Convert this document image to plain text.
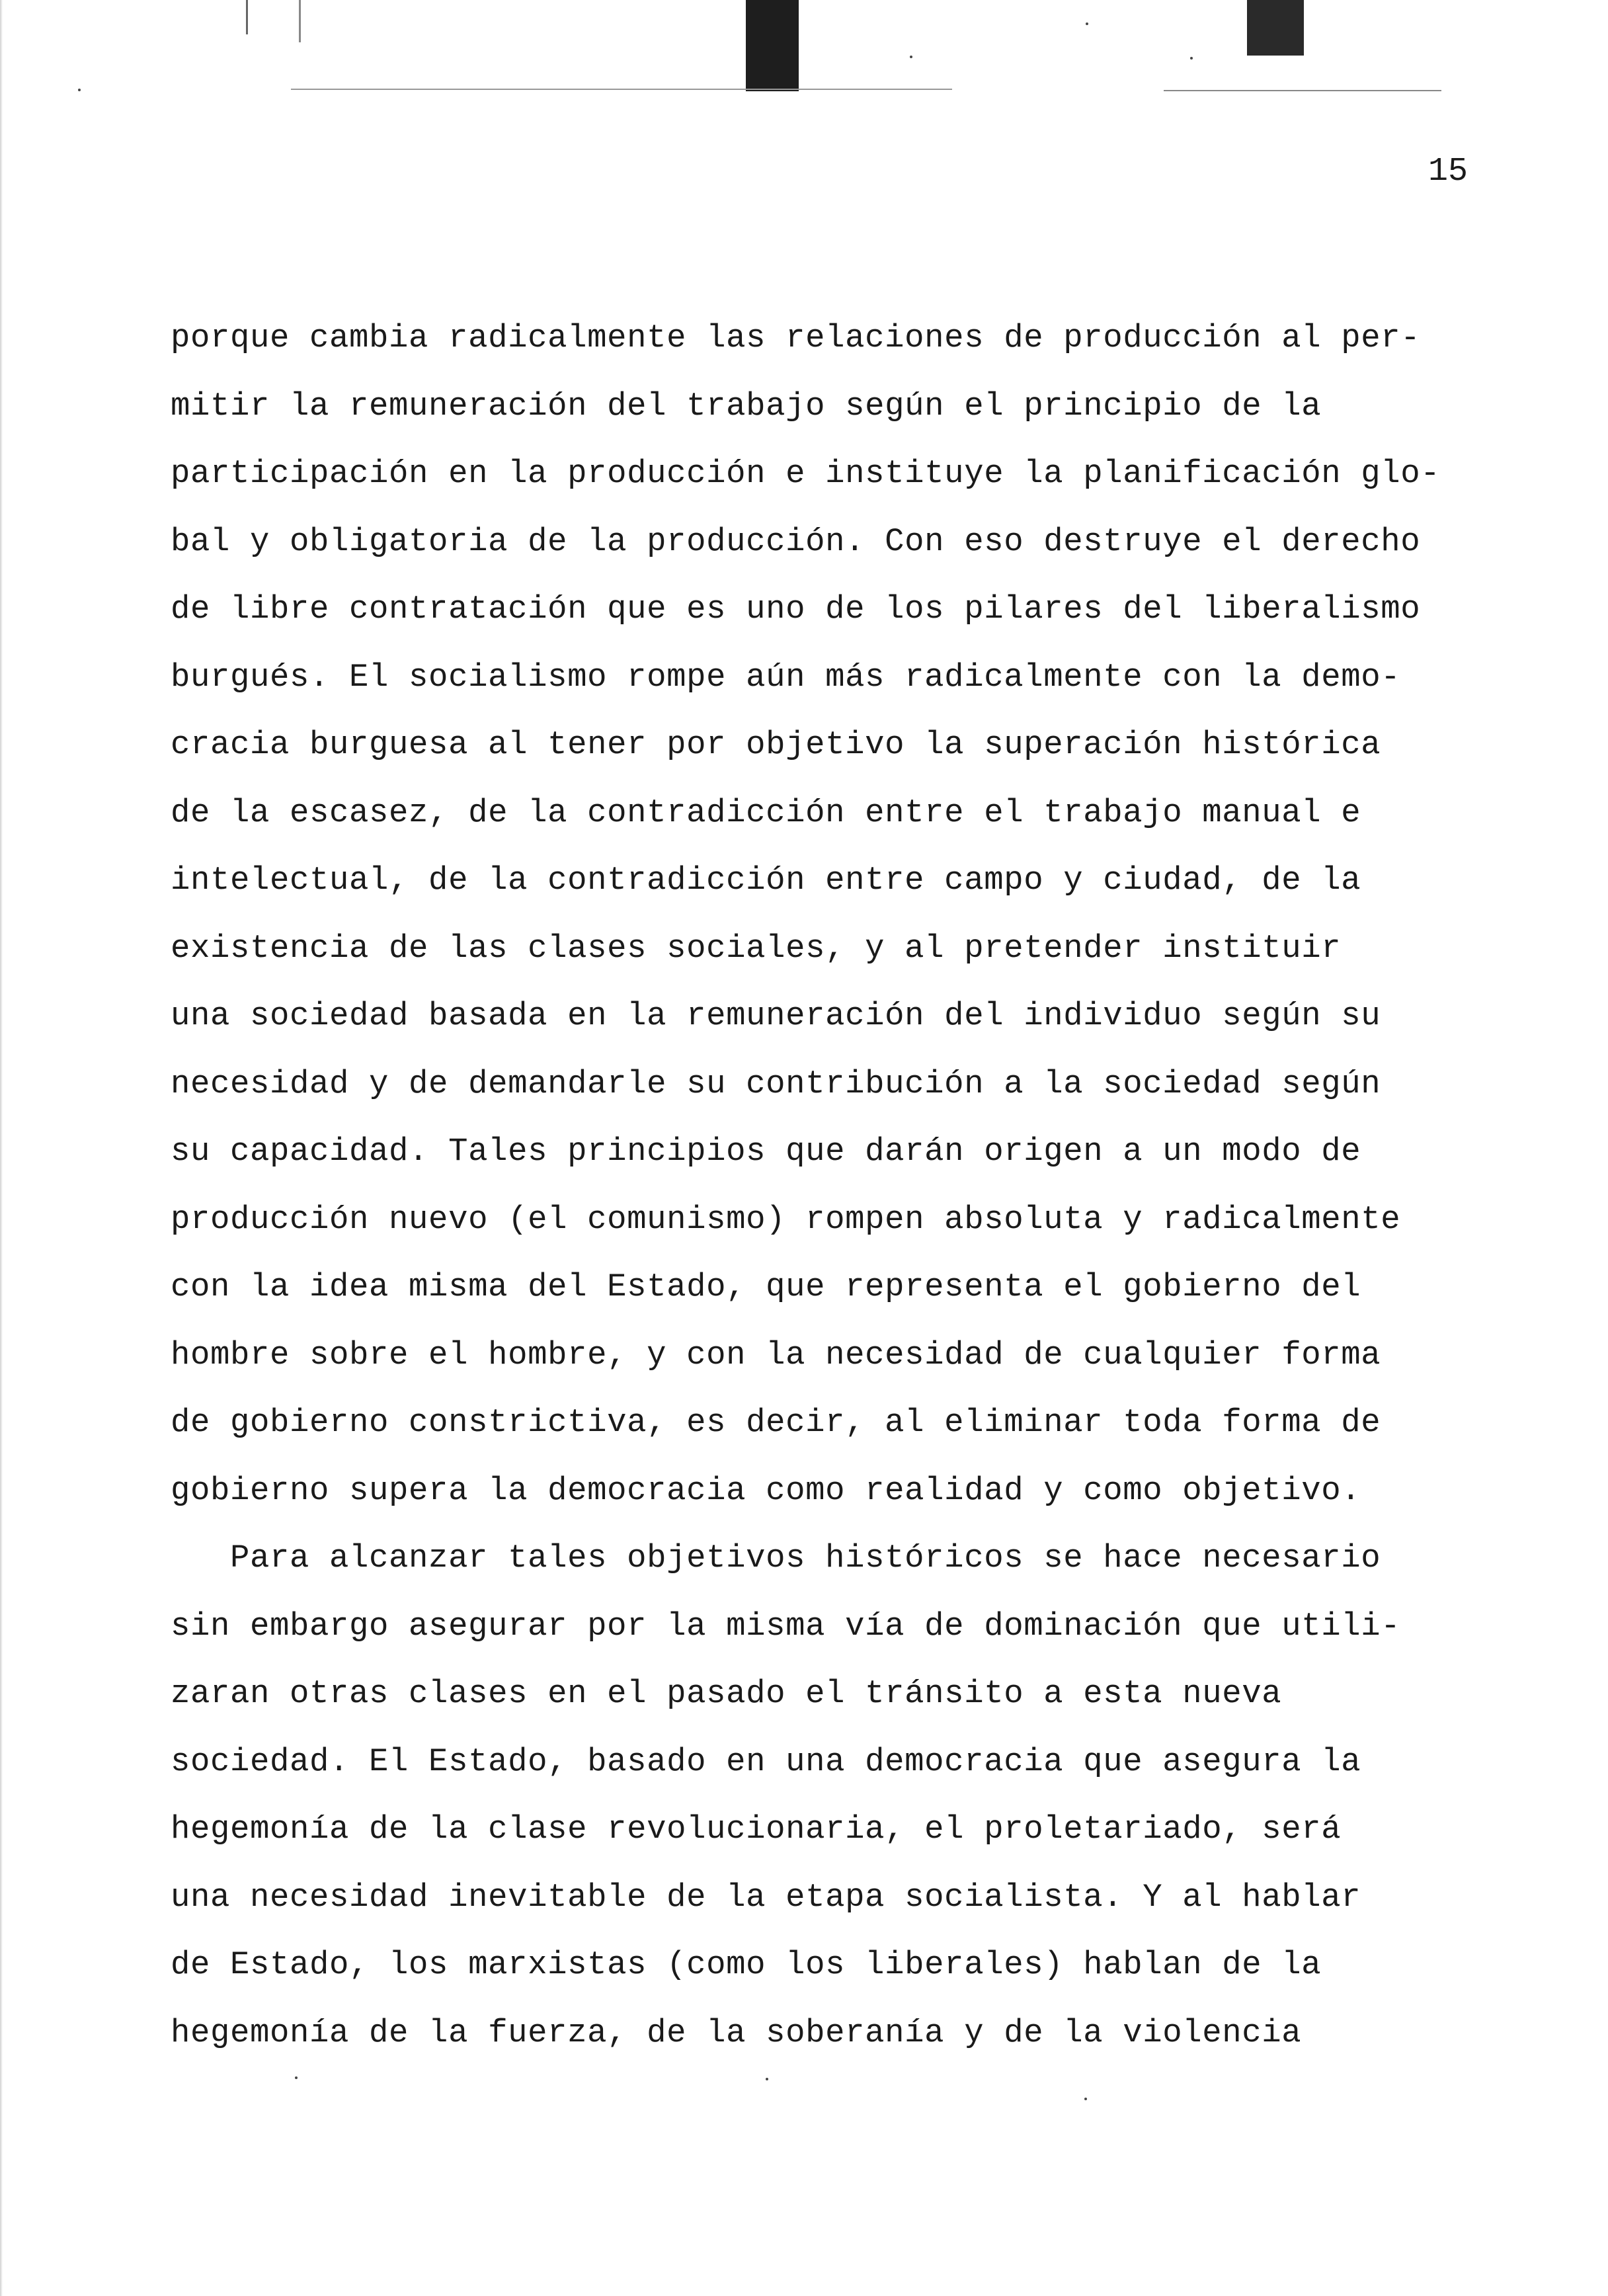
15
porque cambia radicalmente las relaciones de producción al per-
mitir la remuneración del trabajo según el principio de la
participación en la producción e instituye la planificación glo-
bal y obligatoria de la producción. Con eso destruye el derecho
de libre contratación que es uno de los pilares del liberalismo
burgués. El socialismo rompe aún más radicalmente con la demo-
cracia burguesa al tener por objetivo la superación histórica
de la escasez, de la contradicción entre el trabajo manual e
intelectual, de la contradicción entre campo y ciudad, de la
existencia de las clases sociales, y al pretender instituir
una sociedad basada en la remuneración del individuo según su
necesidad y de demandarle su contribución a la sociedad según
su capacidad. Tales principios que darán origen a un modo de
producción nuevo (el comunismo) rompen absoluta y radicalmente
con la idea misma del Estado, que representa el gobierno del
hombre sobre el hombre, y con la necesidad de cualquier forma
de gobierno constrictiva, es decir, al eliminar toda forma de
gobierno supera la democracia como realidad y como objetivo.
Para alcanzar tales objetivos históricos se hace necesario
sin embargo asegurar por la misma vía de dominación que utili-
zaran otras clases en el pasado el tránsito a esta nueva
sociedad. El Estado, basado en una democracia que asegura la
hegemonía de la clase revolucionaria, el proletariado, será
una necesidad inevitable de la etapa socialista. Y al hablar
de Estado, los marxistas (como los liberales) hablan de la
hegemonía de la fuerza, de la soberanía y de la violencia
